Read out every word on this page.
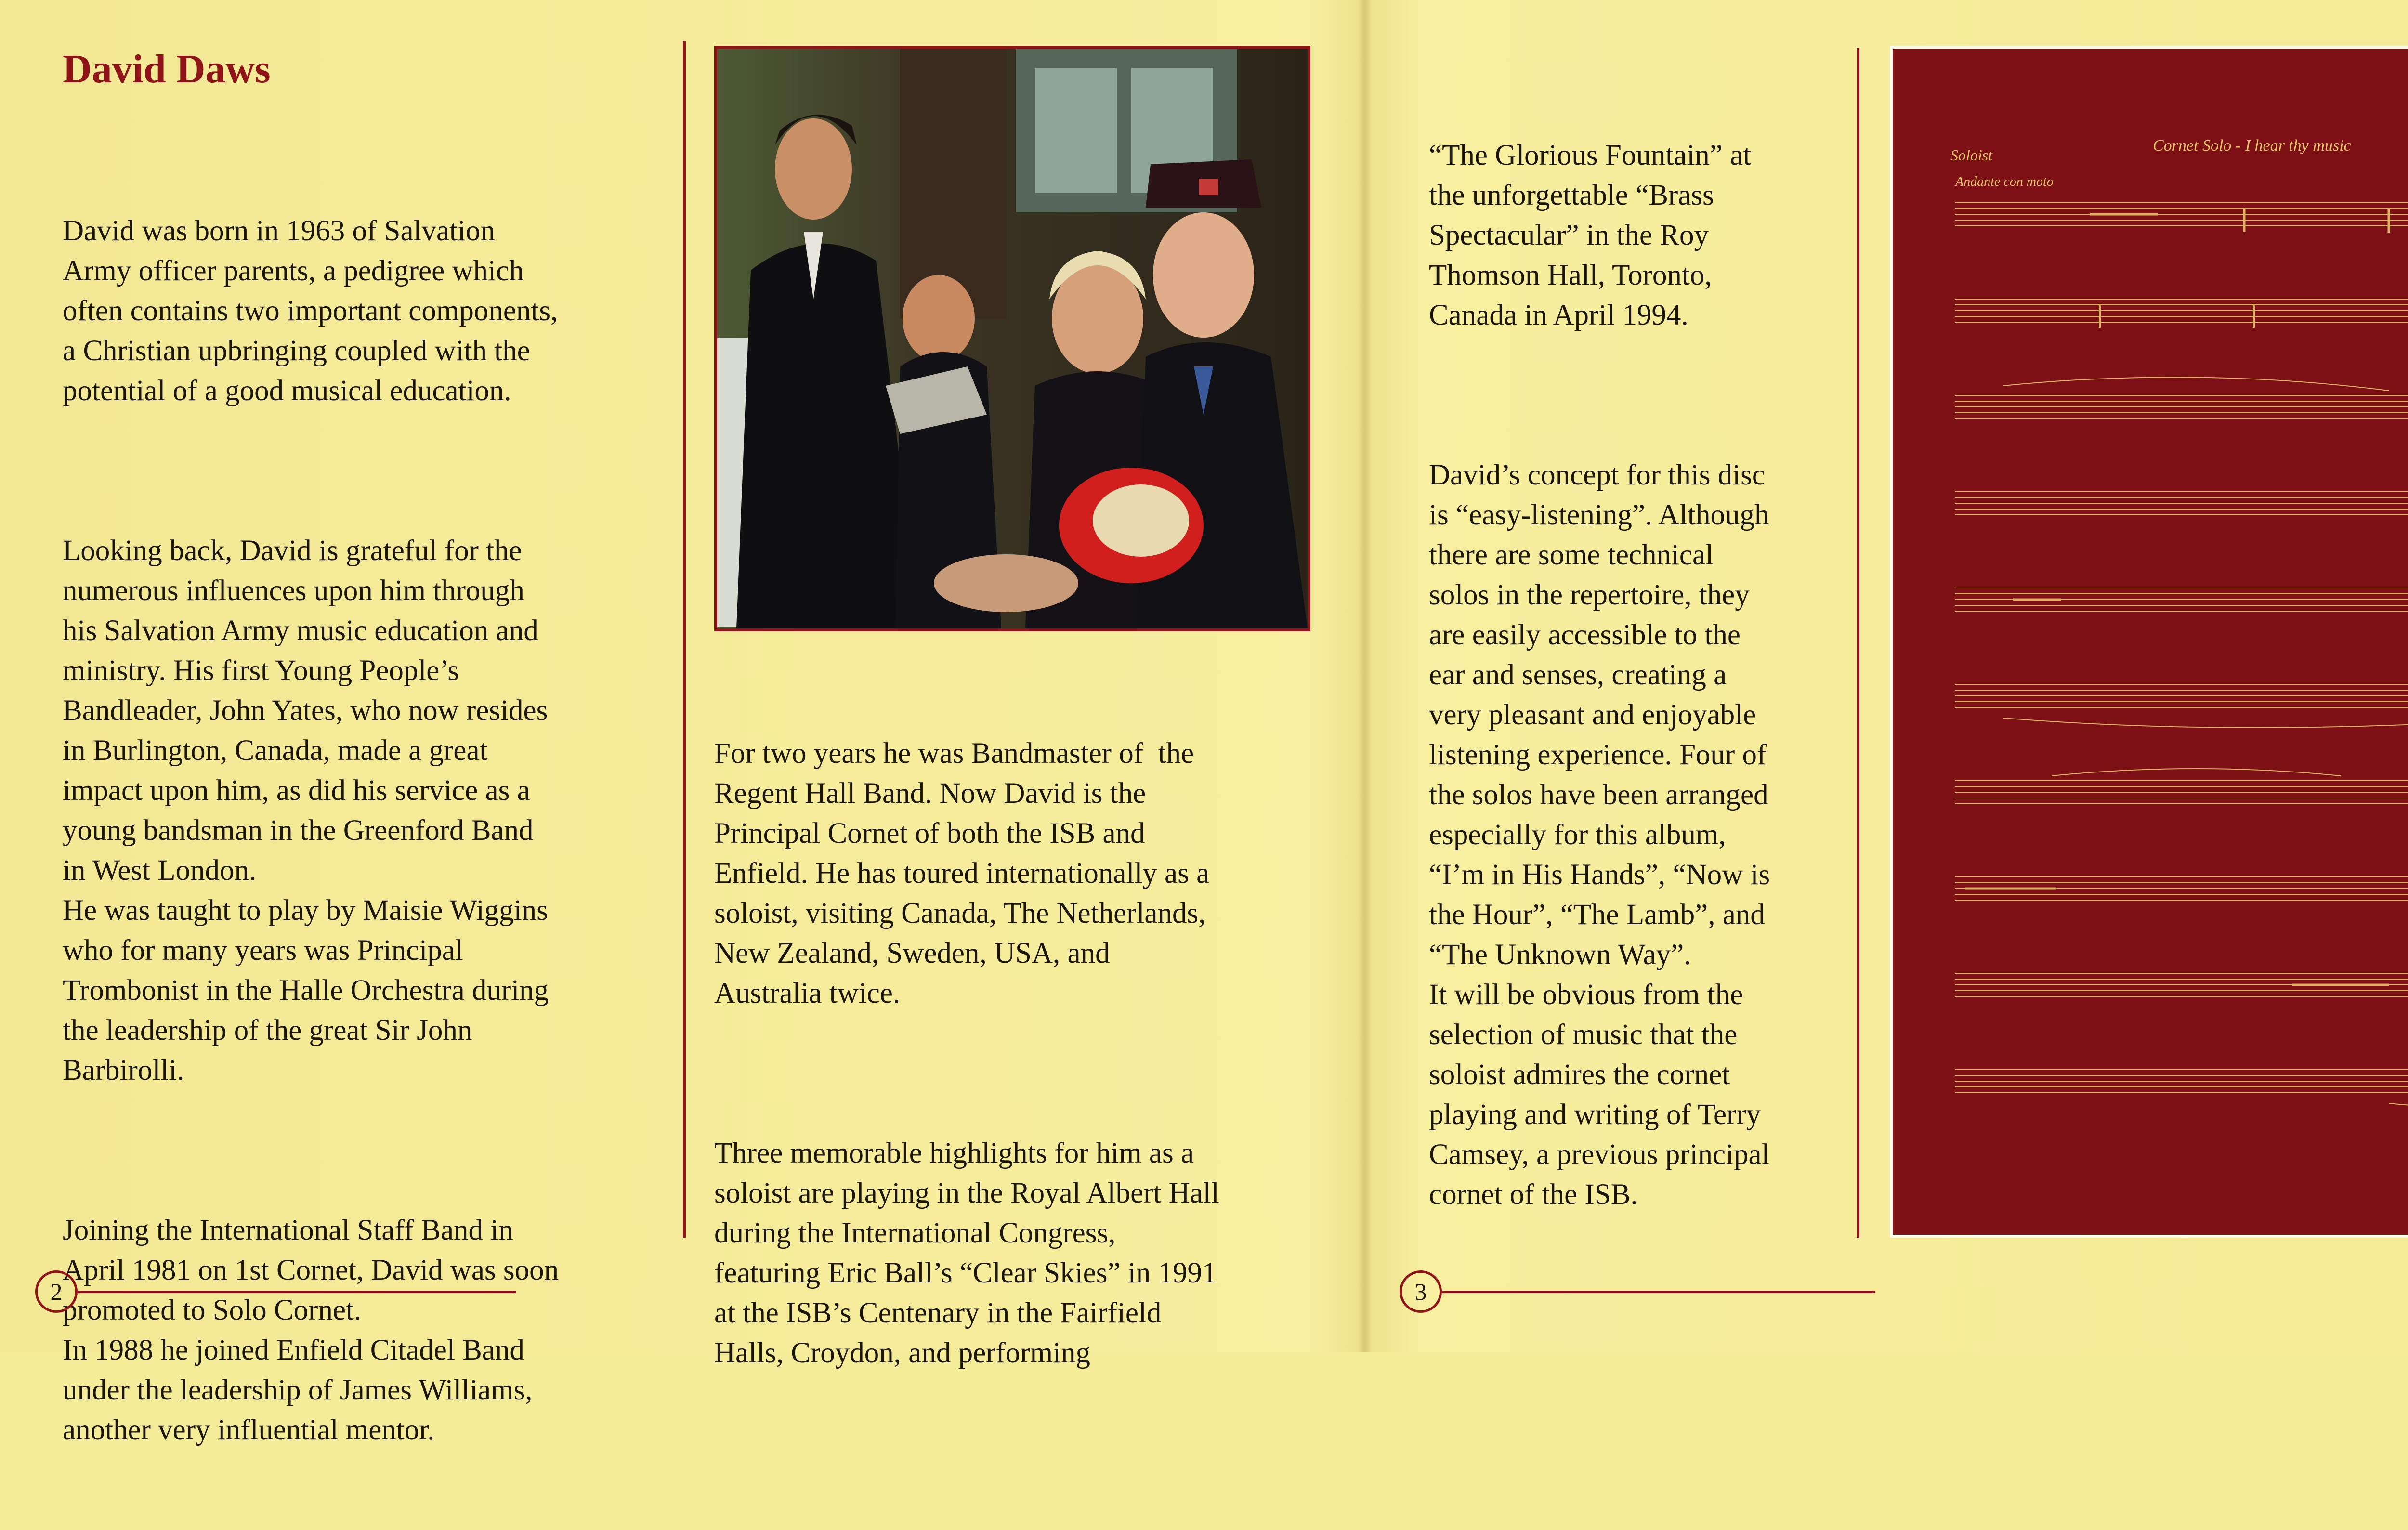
David Daws

David was born in 1963 of Salvation
Army officer parents, a pedigree which
often contains two important components,
a Christian upbringing coupled with the
potential of a good musical education.

Looking back, David is grateful for the
numerous influences upon him through
his Salvation Army music education and
ministry. His first Young People’s
Bandleader, John Yates, who now resides
in Burlington, Canada, made a great
impact upon him, as did his service as a
young bandsman in the Greenford Band
in West London.
He was taught to play by Maisie Wiggins
who for many years was Principal
Trombonist in the Halle Orchestra during
the leadership of the great Sir John
Barbirolli.

Joining the International Staff Band in
April 1981 on 1st Cornet, David was soon
promoted to Solo Cornet.
In 1988 he joined Enfield Citadel Band
under the leadership of James Williams,
another very influential mentor.

For two years he was Bandmaster of  the
Regent Hall Band. Now David is the
Principal Cornet of both the ISB and
Enfield. He has toured internationally as a
soloist, visiting Canada, The Netherlands,
New Zealand, Sweden, USA, and
Australia twice.

Three memorable highlights for him as a
soloist are playing in the Royal Albert Hall
during the International Congress,
featuring Eric Ball’s “Clear Skies” in 1991
at the ISB’s Centenary in the Fairfield
Halls, Croydon, and performing

2

“The Glorious Fountain” at
the unforgettable “Brass
Spectacular” in the Roy
Thomson Hall, Toronto,
Canada in April 1994.

David’s concept for this disc
is “easy-listening”. Although
there are some technical
solos in the repertoire, they
are easily accessible to the
ear and senses, creating a
very pleasant and enjoyable
listening experience. Four of
the solos have been arranged
especially for this album,
“I’m in His Hands”, “Now is
the Hour”, “The Lamb”, and
“The Unknown Way”.
It will be obvious from the
selection of music that the
soloist admires the cornet
playing and writing of Terry
Camsey, a previous principal
cornet of the ISB.

Soloist
Cornet Solo - I hear thy music
Andante con moto
3
